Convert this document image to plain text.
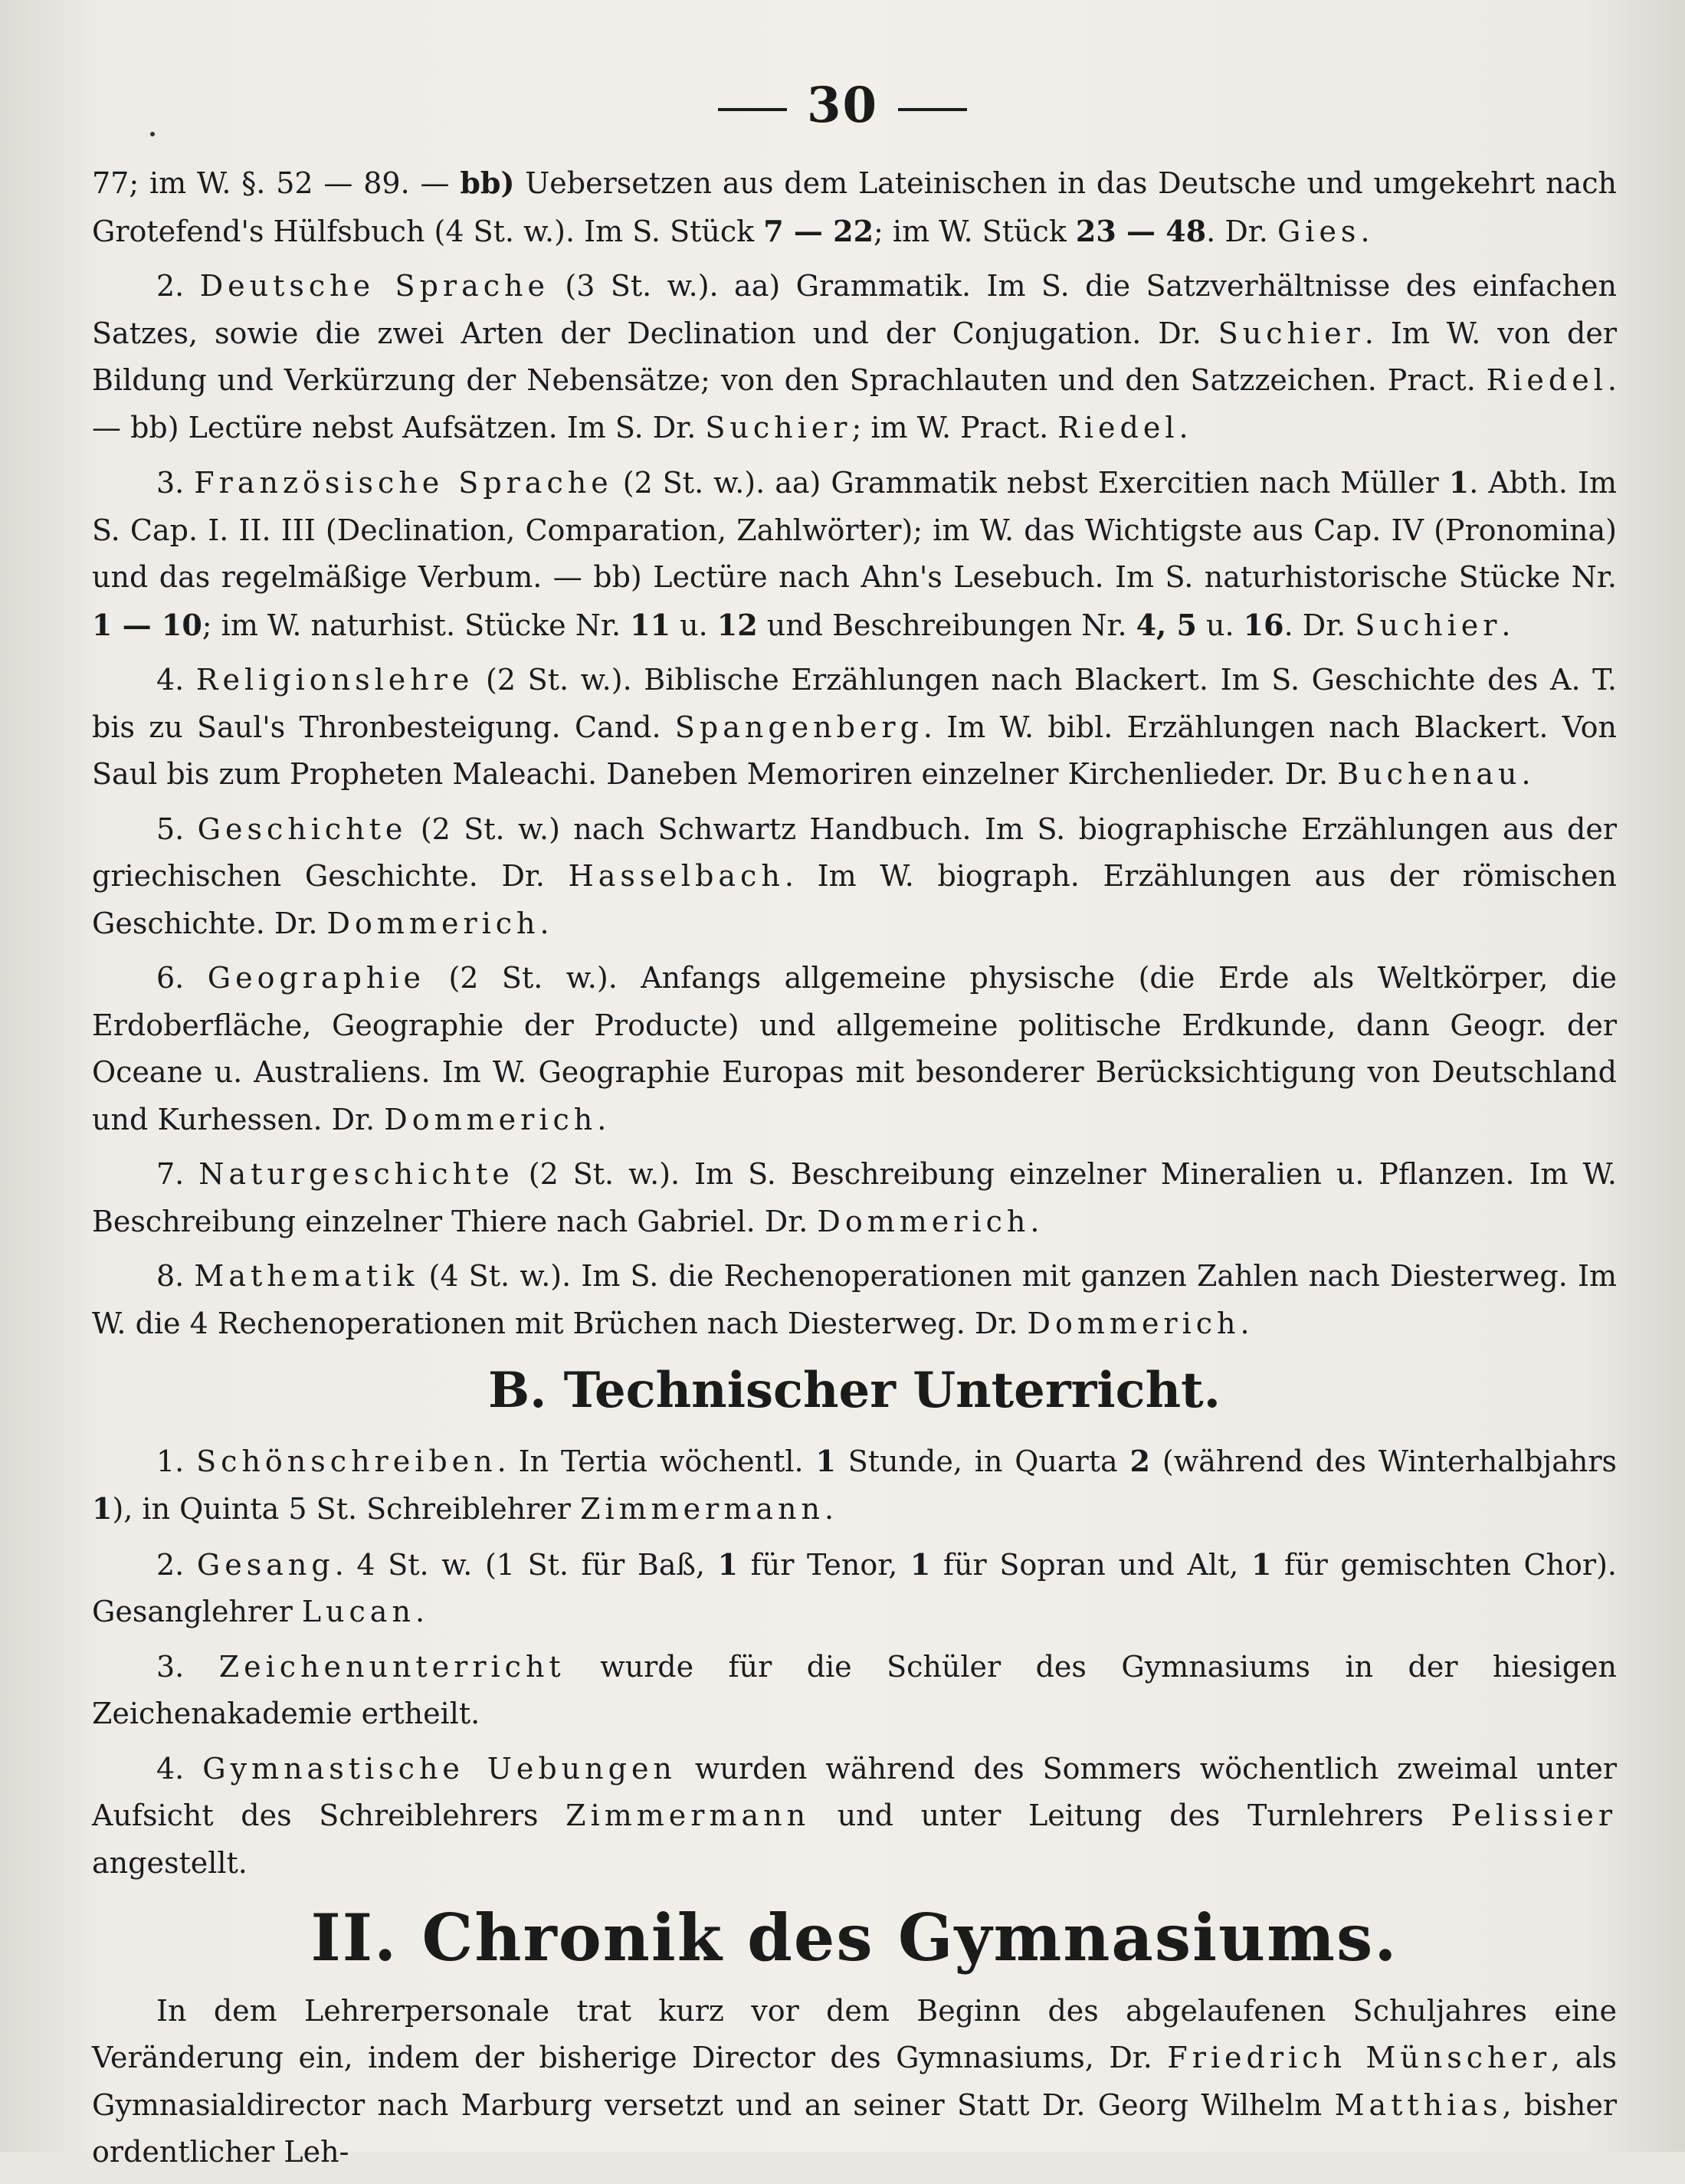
30

77; im W. §. 52 — 89. — bb) Uebersetzen aus dem Lateinischen in das Deutsche und umgekehrt nach Grotefend's Hülfsbuch (4 St. w.). Im S. Stück 7 — 22; im W. Stück 23 — 48. Dr. Gies.

2. Deutsche Sprache (3 St. w.). aa) Grammatik. Im S. die Satzverhältnisse des einfachen Satzes, sowie die zwei Arten der Declination und der Conjugation. Dr. Suchier. Im W. von der Bildung und Verkürzung der Nebensätze; von den Sprachlauten und den Satzzeichen. Pract. Riedel. — bb) Lectüre nebst Aufsätzen. Im S. Dr. Suchier; im W. Pract. Riedel.

3. Französische Sprache (2 St. w.). aa) Grammatik nebst Exercitien nach Müller 1. Abth. Im S. Cap. I. II. III (Declination, Comparation, Zahlwörter); im W. das Wichtigste aus Cap. IV (Pronomina) und das regelmäßige Verbum. — bb) Lectüre nach Ahn's Lesebuch. Im S. naturhistorische Stücke Nr. 1 — 10; im W. naturhist. Stücke Nr. 11 u. 12 und Beschreibungen Nr. 4, 5 u. 16. Dr. Suchier.

4. Religionslehre (2 St. w.). Biblische Erzählungen nach Blackert. Im S. Geschichte des A. T. bis zu Saul's Thronbesteigung. Cand. Spangenberg. Im W. bibl. Erzählungen nach Blackert. Von Saul bis zum Propheten Maleachi. Daneben Memoriren einzelner Kirchenlieder. Dr. Buchenau.

5. Geschichte (2 St. w.) nach Schwartz Handbuch. Im S. biographische Erzählungen aus der griechischen Geschichte. Dr. Hasselbach. Im W. biograph. Erzählungen aus der römischen Geschichte. Dr. Dommerich.

6. Geographie (2 St. w.). Anfangs allgemeine physische (die Erde als Weltkörper, die Erdoberfläche, Geographie der Producte) und allgemeine politische Erdkunde, dann Geogr. der Oceane u. Australiens. Im W. Geographie Europas mit besonderer Berücksichtigung von Deutschland und Kurhessen. Dr. Dommerich.

7. Naturgeschichte (2 St. w.). Im S. Beschreibung einzelner Mineralien u. Pflanzen. Im W. Beschreibung einzelner Thiere nach Gabriel. Dr. Dommerich.

8. Mathematik (4 St. w.). Im S. die Rechenoperationen mit ganzen Zahlen nach Diesterweg. Im W. die 4 Rechenoperationen mit Brüchen nach Diesterweg. Dr. Dommerich.

B. Technischer Unterricht.

1. Schönschreiben. In Tertia wöchentl. 1 Stunde, in Quarta 2 (während des Winterhalbjahrs 1), in Quinta 5 St. Schreiblehrer Zimmermann.

2. Gesang. 4 St. w. (1 St. für Baß, 1 für Tenor, 1 für Sopran und Alt, 1 für gemischten Chor). Gesanglehrer Lucan.

3. Zeichenunterricht wurde für die Schüler des Gymnasiums in der hiesigen Zeichenakademie ertheilt.

4. Gymnastische Uebungen wurden während des Sommers wöchentlich zweimal unter Aufsicht des Schreiblehrers Zimmermann und unter Leitung des Turnlehrers Pelissier angestellt.

II. Chronik des Gymnasiums.

In dem Lehrerpersonale trat kurz vor dem Beginn des abgelaufenen Schuljahres eine Veränderung ein, indem der bisherige Director des Gymnasiums, Dr. Friedrich Münscher, als Gymnasialdirector nach Marburg versetzt und an seiner Statt Dr. Georg Wilhelm Matthias, bisher ordentlicher Leh-
